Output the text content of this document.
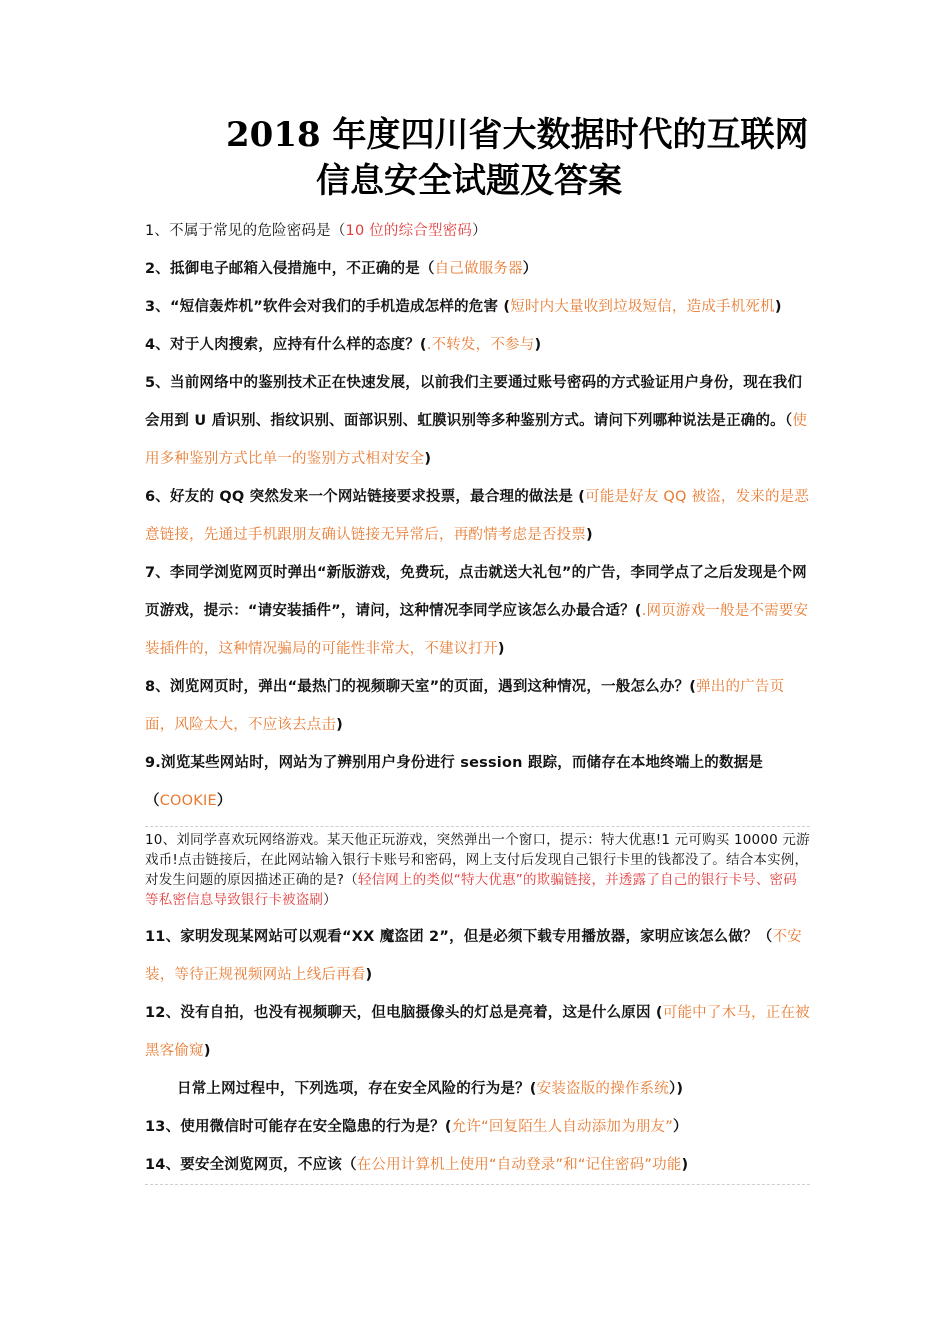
2018 年度四川省大数据时代的互联网
信息安全试题及答案
1、不属于常见的危险密码是（10 位的综合型密码）
2、抵御电子邮箱入侵措施中，不正确的是（自己做服务器）
3、“短信轰炸机”软件会对我们的手机造成怎样的危害 (短时内大量收到垃圾短信，造成手机死机)
4、对于人肉搜索，应持有什么样的态度？(.不转发，不参与)
5、当前网络中的鉴别技术正在快速发展，以前我们主要通过账号密码的方式验证用户身份，现在我们会用到 U 盾识别、指纹识别、面部识别、虹膜识别等多种鉴别方式。请问下列哪种说法是正确的。（使用多种鉴别方式比单一的鉴别方式相对安全)
6、好友的 QQ 突然发来一个网站链接要求投票，最合理的做法是 (可能是好友 QQ 被盗，发来的是恶意链接，先通过手机跟朋友确认链接无异常后，再酌情考虑是否投票)
7、李同学浏览网页时弹出“新版游戏，免费玩，点击就送大礼包”的广告，李同学点了之后发现是个网页游戏，提示：“请安装插件”，请问，这种情况李同学应该怎么办最合适？(.网页游戏一般是不需要安装插件的，这种情况骗局的可能性非常大，不建议打开)
8、浏览网页时，弹出“最热门的视频聊天室”的页面，遇到这种情况，一般怎么办？(弹出的广告页面，风险太大，不应该去点击)
9.浏览某些网站时，网站为了辨别用户身份进行 session 跟踪，而储存在本地终端上的数据是（COOKIE）
10、刘同学喜欢玩网络游戏。某天他正玩游戏，突然弹出一个窗口，提示：特大优惠!1 元可购买 10000 元游戏币!点击链接后，在此网站输入银行卡账号和密码，网上支付后发现自己银行卡里的钱都没了。结合本实例，对发生问题的原因描述正确的是?（轻信网上的类似“特大优惠”的欺骗链接，并透露了自己的银行卡号、密码等私密信息导致银行卡被盗刷）
11、家明发现某网站可以观看“XX 魔盗团 2”，但是必须下载专用播放器，家明应该怎么做？（不安装，等待正规视频网站上线后再看)
12、没有自拍，也没有视频聊天，但电脑摄像头的灯总是亮着，这是什么原因 (可能中了木马，正在被黑客偷窥)
日常上网过程中，下列选项，存在安全风险的行为是？(安装盗版的操作系统）)
13、使用微信时可能存在安全隐患的行为是？(允许“回复陌生人自动添加为朋友”）
14、要安全浏览网页，不应该（在公用计算机上使用“自动登录”和“记住密码”功能)
